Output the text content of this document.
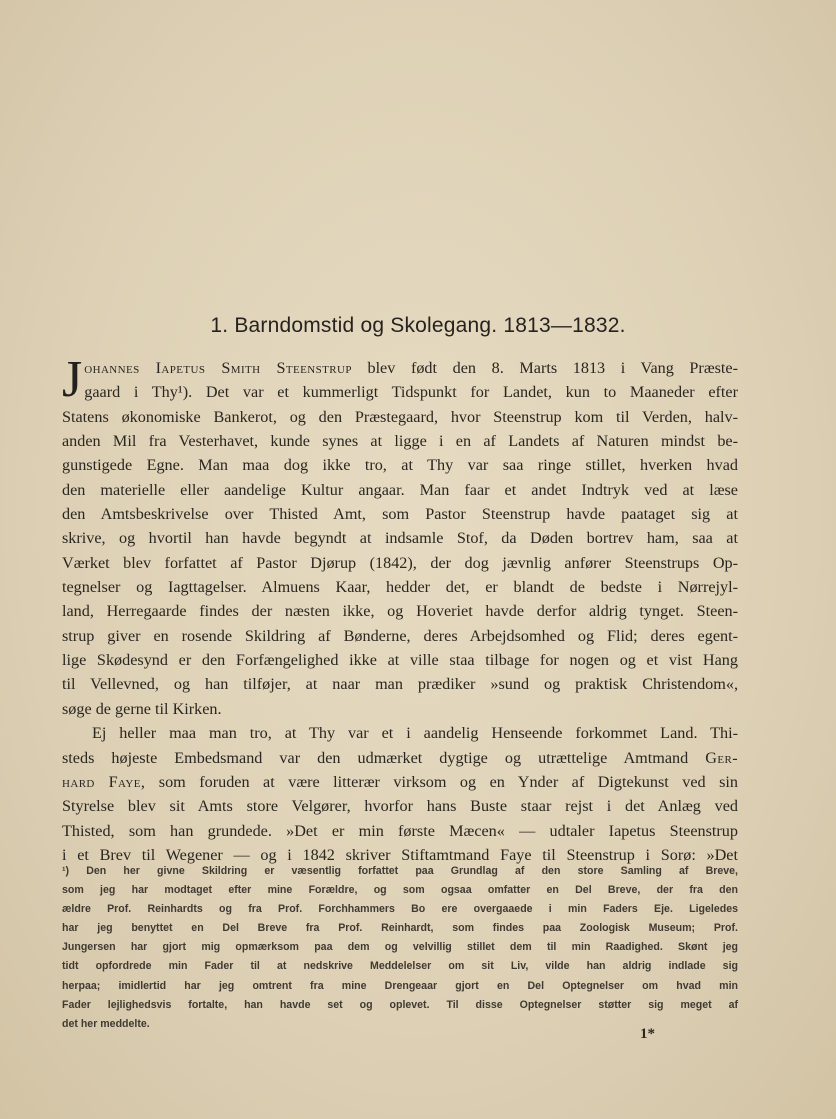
1. Barndomstid og Skolegang. 1813—1832.
J ohannes Iapetus Smith Steenstrup blev født den 8. Marts 1813 i Vang Præste-
gaard i Thy¹). Det var et kummerligt Tidspunkt for Landet, kun to Maaneder efter
Statens økonomiske Bankerot, og den Præstegaard, hvor Steenstrup kom til Verden, halv-
anden Mil fra Vesterhavet, kunde synes at ligge i en af Landets af Naturen mindst be-
gunstigede Egne. Man maa dog ikke tro, at Thy var saa ringe stillet, hverken hvad
den materielle eller aandelige Kultur angaar. Man faar et andet Indtryk ved at læse
den Amtsbeskrivelse over Thisted Amt, som Pastor Steenstrup havde paataget sig at
skrive, og hvortil han havde begyndt at indsamle Stof, da Døden bortrev ham, saa at
Værket blev forfattet af Pastor Djørup (1842), der dog jævnlig anfører Steenstrups Op-
tegnelser og Iagttagelser. Almuens Kaar, hedder det, er blandt de bedste i Nørrejyl-
land, Herregaarde findes der næsten ikke, og Hoveriet havde derfor aldrig tynget. Steen-
strup giver en rosende Skildring af Bønderne, deres Arbejdsomhed og Flid; deres egent-
lige Skødesynd er den Forfængelighed ikke at ville staa tilbage for nogen og et vist Hang
til Vellevned, og han tilføjer, at naar man prædiker »sund og praktisk Christendom«,
søge de gerne til Kirken.
Ej heller maa man tro, at Thy var et i aandelig Henseende forkommet Land. Thi-
steds højeste Embedsmand var den udmærket dygtige og utrættelige Amtmand Ger-
hard Faye, som foruden at være litterær virksom og en Ynder af Digtekunst ved sin
Styrelse blev sit Amts store Velgører, hvorfor hans Buste staar rejst i det Anlæg ved
Thisted, som han grundede. »Det er min første Mæcen« — udtaler Iapetus Steenstrup
i et Brev til Wegener — og i 1842 skriver Stiftamtmand Faye til Steenstrup i Sorø: »Det
¹) Den her givne Skildring er væsentlig forfattet paa Grundlag af den store Samling af Breve,
som jeg har modtaget efter mine Forældre, og som ogsaa omfatter en Del Breve, der fra den
ældre Prof. Reinhardts og fra Prof. Forchhammers Bo ere overgaaede i min Faders Eje. Ligeledes
har jeg benyttet en Del Breve fra Prof. Reinhardt, som findes paa Zoologisk Museum; Prof.
Jungersen har gjort mig opmærksom paa dem og velvillig stillet dem til min Raadighed. Skønt jeg
tidt opfordrede min Fader til at nedskrive Meddelelser om sit Liv, vilde han aldrig indlade sig
herpaa; imidlertid har jeg omtrent fra mine Drengeaar gjort en Del Optegnelser om hvad min
Fader lejlighedsvis fortalte, han havde set og oplevet. Til disse Optegnelser støtter sig meget af
det her meddelte.
1*
